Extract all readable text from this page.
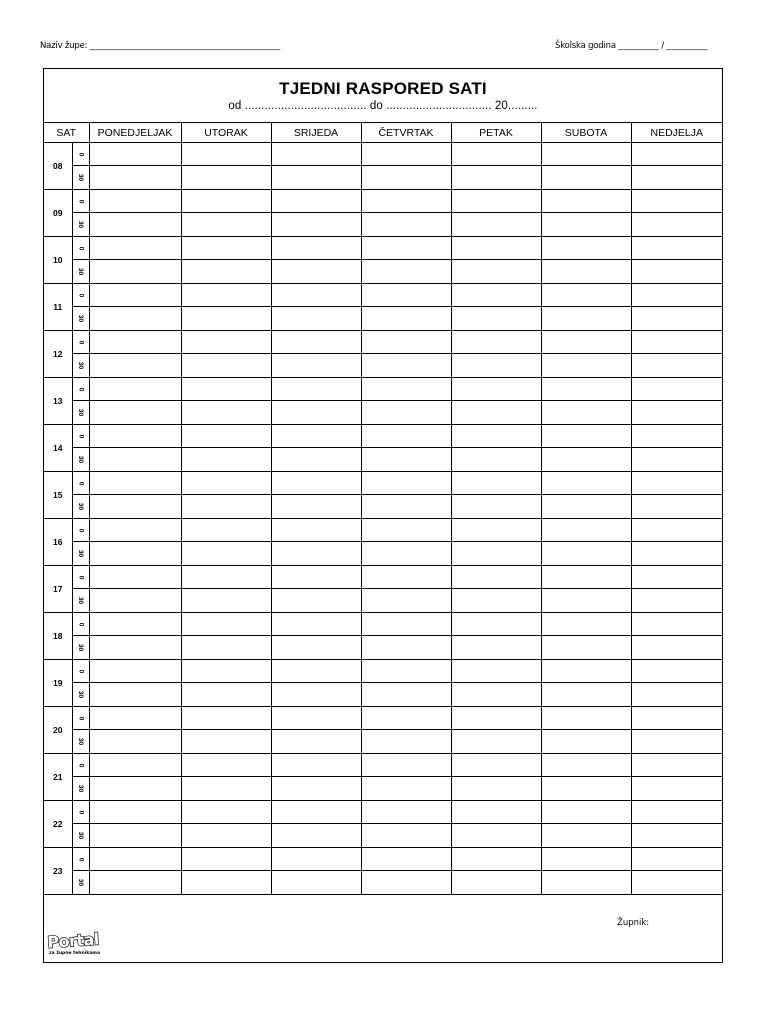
Naziv župe: _______________________________________________	Školska godina __________ / __________
TJEDNI RASPORED SATI
od ..................................... do ................................ 20.........
SAT		PONEDJELJAK	UTORAK	SRIJEDA	ČETVRTAK	PETAK	SUBOTA	NEDJELJA
08	0							
	30							
09	0							
	30							
10	0							
	30							
11	0							
	30							
12	0							
	30							
13	0							
	30							
14	0							
	30							
15	0							
	30							
16	0							
	30							
17	0							
	30							
18	0							
	30							
19	0							
	30							
20	0							
	30							
21	0							
	30							
22	0							
	30							
23	0							
	30							
Župnik:
Portal
za župne tehnikama
